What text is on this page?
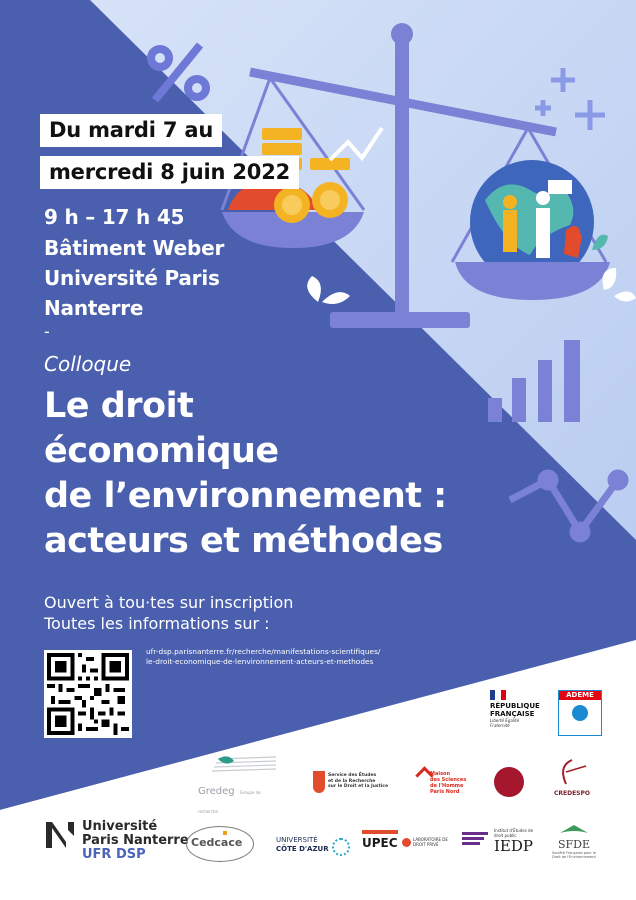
Du mardi 7 au
mercredi 8 juin 2022
9 h – 17 h 45
Bâtiment Weber
Université Paris
Nanterre
-
Colloque
Le droit
économique
de l’environnement :
acteurs et méthodes
Ouvert à tou·tes sur inscription
Toutes les informations sur :
ufr-dsp.parisnanterre.fr/recherche/manifestations-scientifiques/
le-droit-economique-de-lenvironnement-acteurs-et-methodes
RÉPUBLIQUE
FRANÇAISE
Liberté Égalité Fraternité
ADEME
Gredeg Groupe de recherche
Service des Études
et de la Recherche
sur le Droit et la Justice
Maison
des Sciences
de l'Homme Paris Nord	CREDESPO
Université
Paris Nanterre
UFR DSP
Cedcace	UNIVERSITÉ
CÔTE D'AZUR	UPEC	LABORATOIRE DE DROIT PRIVÉ
Institut d'Études de droit public
IEDP	SFDE
Société Française pour le Droit de l'Environnement
